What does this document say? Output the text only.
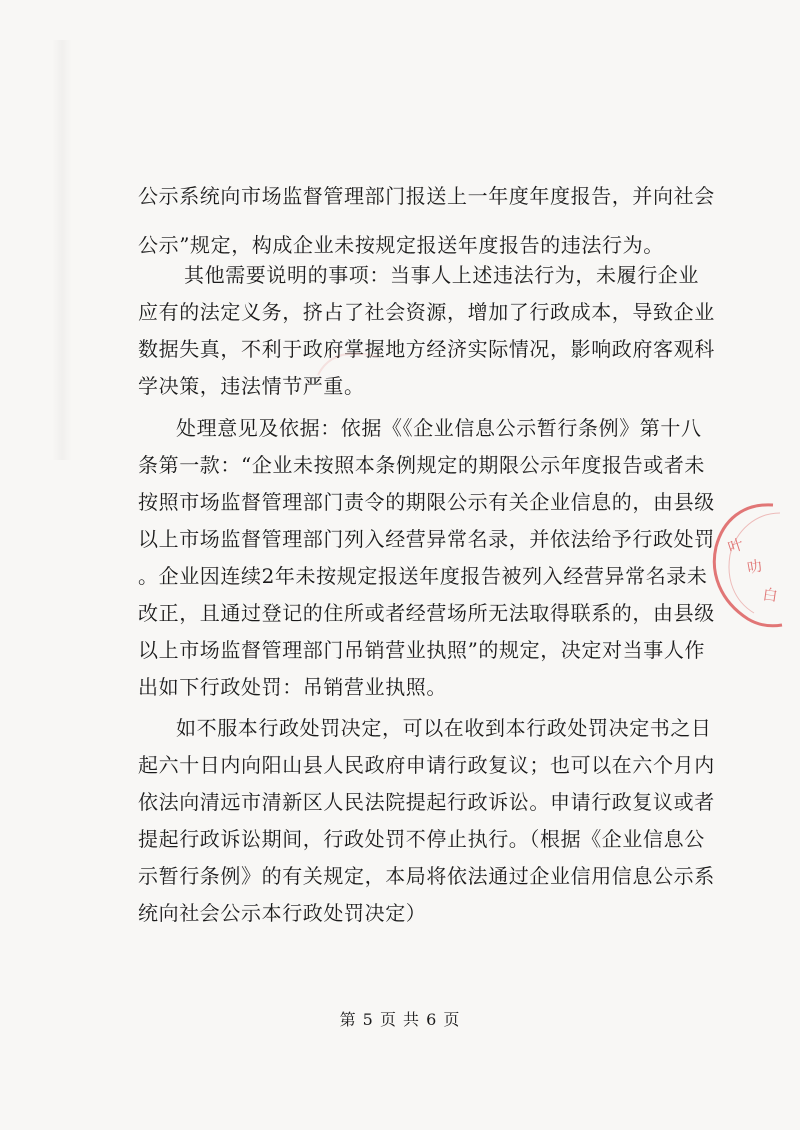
公示系统向市场监督管理部门报送上一年度年度报告，并向社会
公示”规定，构成企业未按规定报送年度报告的违法行为。
其他需要说明的事项：当事人上述违法行为，未履行企业
应有的法定义务，挤占了社会资源，增加了行政成本，导致企业
数据失真，不利于政府掌握地方经济实际情况，影响政府客观科
学决策，违法情节严重。
处理意见及依据：依据《《企业信息公示暂行条例》第十八
条第一款：“企业未按照本条例规定的期限公示年度报告或者未
按照市场监督管理部门责令的期限公示有关企业信息的，由县级
以上市场监督管理部门列入经营异常名录，并依法给予行政处罚
。企业因连续2年未按规定报送年度报告被列入经营异常名录未
改正，且通过登记的住所或者经营场所无法取得联系的，由县级
以上市场监督管理部门吊销营业执照”的规定，决定对当事人作
出如下行政处罚：吊销营业执照。
如不服本行政处罚决定，可以在收到本行政处罚决定书之日
起六十日内向阳山县人民政府申请行政复议；也可以在六个月内
依法向清远市清新区人民法院提起行政诉讼。申请行政复议或者
提起行政诉讼期间，行政处罚不停止执行。（根据《企业信息公
示暂行条例》的有关规定，本局将依法通过企业信用信息公示系
统向社会公示本行政处罚决定）
第 5 页 共 6 页
叶
叻
白
